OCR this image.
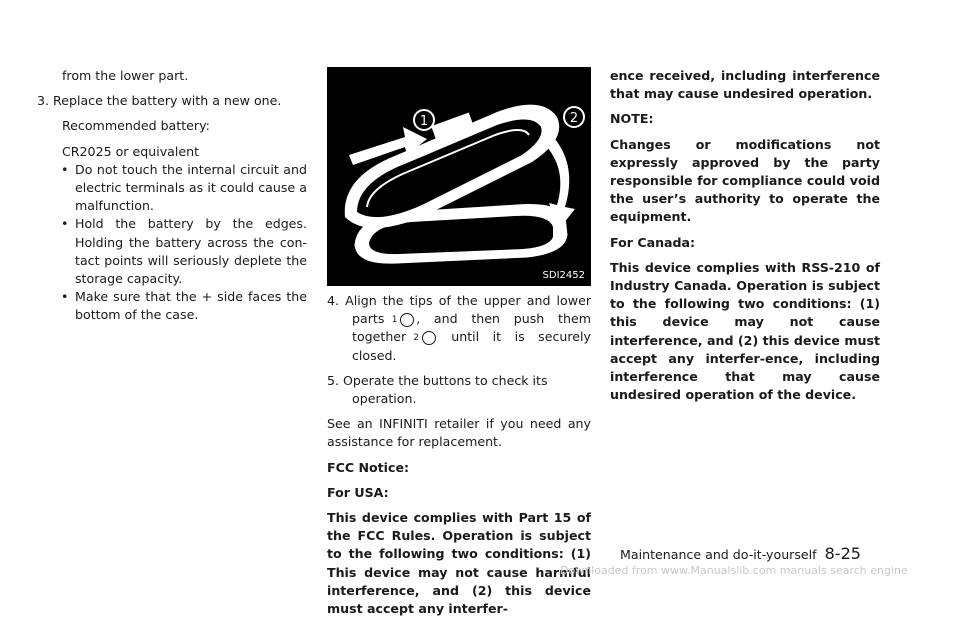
from the lower part.

3. Replace the battery with a new one.

Recommended battery:

CR2025 or equivalent

• Do not touch the internal circuit and electric terminals as it could cause a malfunction.
• Hold the battery by the edges. Holding the battery across the con-tact points will seriously deplete the storage capacity.
• Make sure that the + side faces the bottom of the case.
1	2
SDI2452

4. Align the tips of the upper and lower parts 1 , and then push them together 2	until it is securely closed.

5. Operate the buttons to check its operation.

See an INFINITI retailer if you need any assistance for replacement.

FCC Notice:

For USA:

This device complies with Part 15 of the FCC Rules. Operation is subject to the following two conditions: (1) This device may not cause harmful interference, and (2) this device must accept any interfer-

ence received, including interference that may cause undesired operation.

NOTE:

Changes or modifications not expressly approved by the party responsible for compliance could void the user’s authority to operate the equipment.

For Canada:

This device complies with RSS-210 of Industry Canada. Operation is subject to the following two conditions: (1) this device may not cause interference, and (2) this device must accept any interfer-ence, including interference that may cause undesired operation of the device.

Maintenance and do-it-yourself 8-25
Downloaded from www.Manualslib.com manuals search engine
